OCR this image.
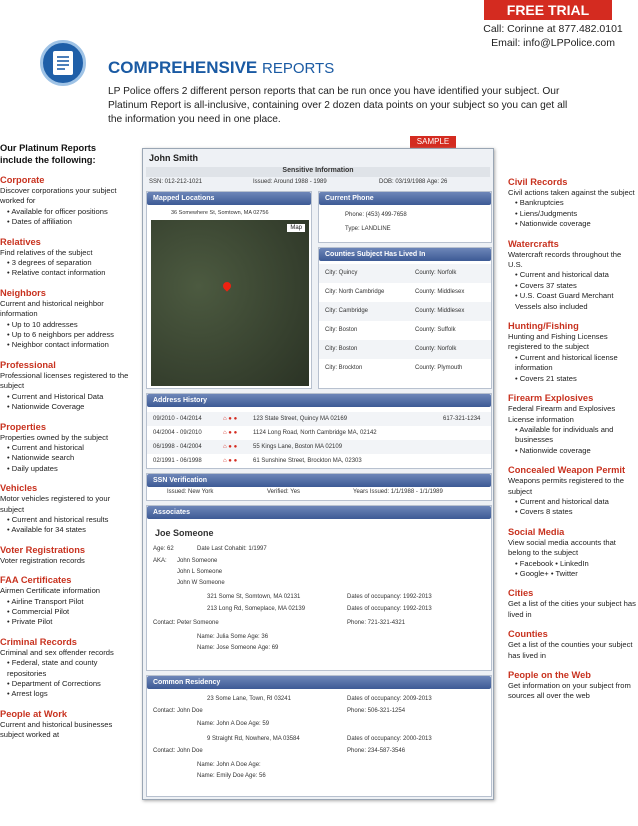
COMPREHENSIVE REPORTS
FREE TRIAL
Call: Corinne at 877.482.0101
Email: info@LPPolice.com
LP Police offers 2 different person reports that can be run once you have identified your subject. Our Platinum Report is all-inclusive, containing over 2 dozen data points on your subject so you can get all the information you need in one place.
Our Platinum Reports include the following:
Corporate
Discover corporations your subject worked for
• Available for officer positions
• Dates of affiliation
Relatives
Find relatives of the subject
• 3 degrees of separation
• Relative contact information
Neighbors
Current and historical neighbor information
• Up to 10 addresses
• Up to 6 neighbors per address
• Neighbor contact information
Professional
Professional licenses registered to the subject
• Current and Historical Data
• Nationwide Coverage
Properties
Properties owned by the subject
• Current and historical
• Nationwide search
• Daily updates
Vehicles
Motor vehicles registered to your subject
• Current and historical results
• Available for 34 states
Voter Registrations
Voter registration records
FAA Certificates
Airmen Certificate information
• Airline Transport Pilot
• Commercial Pilot
• Private Pilot
Criminal Records
Criminal and sex offender records
• Federal, state and county repositories
• Department of Corrections
• Arrest logs
People at Work
Current and historical businesses subject worked at
Civil Records
Civil actions taken against the subject
• Bankruptcies
• Liens/Judgments
• Nationwide coverage
Watercrafts
Watercraft records throughout the U.S.
• Current and historical data
• Covers 37 states
• U.S. Coast Guard Merchant Vessels also included
Hunting/Fishing
Hunting and Fishing Licenses registered to the subject
• Current and historical license information
• Covers 21 states
Firearm Explosives
Federal Firearm and Explosives License information
• Available for individuals and businesses
• Nationwide coverage
Concealed Weapon Permit
Weapons permits registered to the subject
• Current and historical data
• Covers 8 states
Social Media
View social media accounts that belong to the subject
• Facebook • LinkedIn
• Google+ • Twitter
Cities
Get a list of the cities your subject has lived in
Counties
Get a list of the counties your subject has lived in
People on the Web
Get information on your subject from sources all over the web
SAMPLE
John Smith
Sensitive Information
SSN: 012-212-1021	Issued: Around 1988 - 1989	DOB: 03/19/1988 Age: 26
Mapped Locations
36 Somewhere St, Somtown, MA 02756
Map
Current Phone
Phone: (453) 499-7658
Type: LANDLINE
Counties Subject Has Lived In
City: Quincy	County: Norfolk
City: North Cambridge	County: Middlesex
City: Cambridge	County: Middlesex
City: Boston	County: Suffolk
City: Boston	County: Norfolk
City: Brockton	County: Plymouth
Address History
09/2010 - 04/2014	⌂ ● ●	123 State Street, Quincy MA 02169	617-321-1234
04/2004 - 09/2010	⌂ ● ●	1124 Long Road, North Cambridge MA, 02142
06/1998 - 04/2004	⌂ ● ●	55 Kings Lane, Boston MA 02109
02/1991 - 06/1998	⌂ ● ●	61 Sunshine Street, Brockton MA, 02303
SSN Verification
Issued: New York	Verified: Yes	Years Issued: 1/1/1988 - 1/1/1989
Associates
Joe Someone
Age: 62	Date Last Cohabit: 1/1997
AKA: John Someone
John L Someone
John W Someone
321 Some St, Somtown, MA 02131	Dates of occupancy: 1992-2013
213 Long Rd, Someplace, MA 02139	Dates of occupancy: 1992-2013
Contact: Peter Someone	Phone: 721-321-4321
Name: Julia Some Age: 36
Name: Jose Someone Age: 69
Common Residency
23 Some Lane, Town, RI 03241	Dates of occupancy: 2009-2013
Contact: John Doe	Phone: 506-321-1254
Name: John A Doe Age: 59
9 Straight Rd, Nowhere, MA 03584	Dates of occupancy: 2000-2013
Contact: John Doe	Phone: 234-587-3546
Name: John A Doe Age:
Name: Emily Doe Age: 56
